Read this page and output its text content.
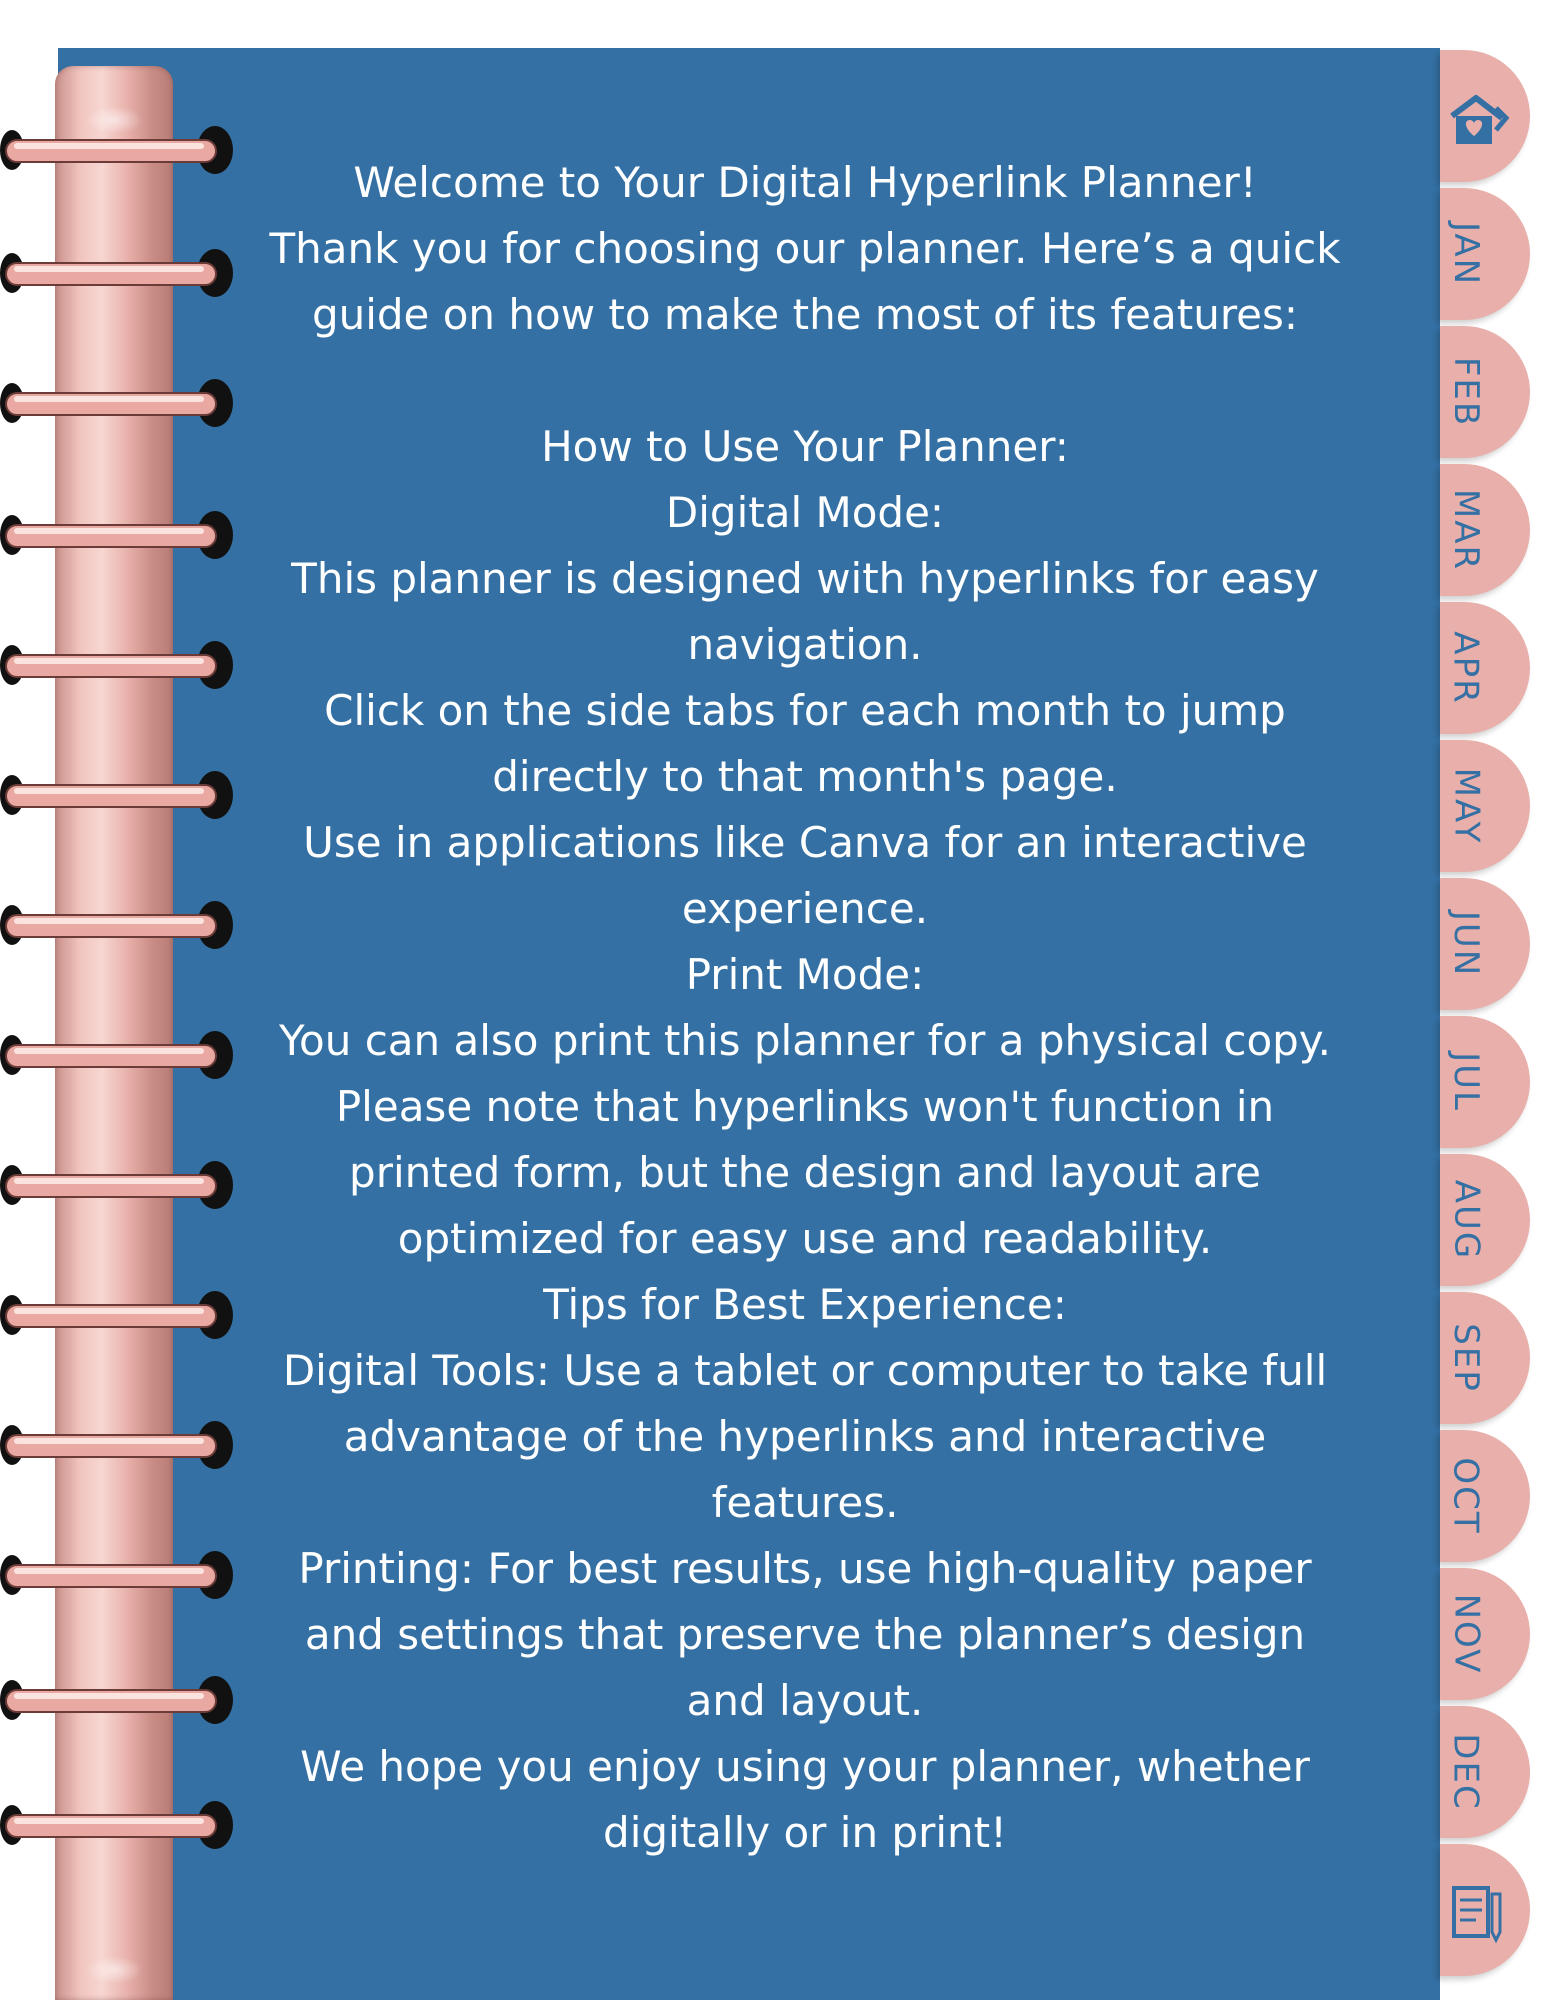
Welcome to Your Digital Hyperlink Planner!

Thank you for choosing our planner. Here’s a quick

guide on how to make the most of its features:

How to Use Your Planner:

Digital Mode:

This planner is designed with hyperlinks for easy

navigation.

Click on the side tabs for each month to jump

directly to that month's page.

Use in applications like Canva for an interactive

experience.

Print Mode:

You can also print this planner for a physical copy.

Please note that hyperlinks won't function in

printed form, but the design and layout are

optimized for easy use and readability.

Tips for Best Experience:

Digital Tools: Use a tablet or computer to take full

advantage of the hyperlinks and interactive

features.

Printing: For best results, use high-quality paper

and settings that preserve the planner’s design

and layout.

We hope you enjoy using your planner, whether

digitally or in print!

JAN
FEB
MAR
APR
MAY
JUN
JUL
AUG
SEP
OCT
NOV
DEC
